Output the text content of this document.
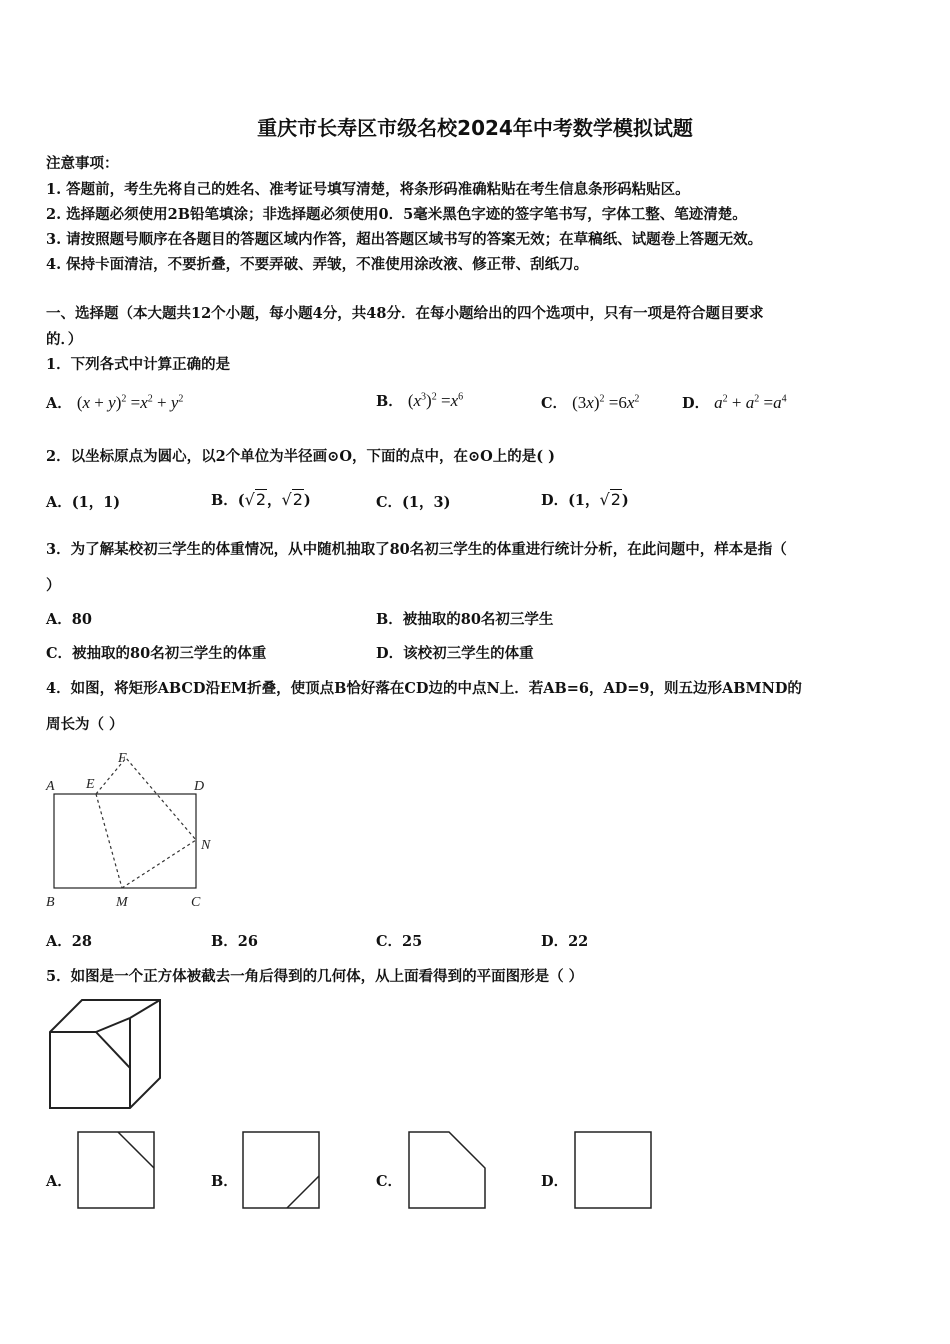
重庆市长寿区市级名校2024年中考数学模拟试题
注意事项：
1. 答题前，考生先将自己的姓名、准考证号填写清楚，将条形码准确粘贴在考生信息条形码粘贴区。
2. 选择题必须使用2B铅笔填涂；非选择题必须使用0．5毫米黑色字迹的签字笔书写，字体工整、笔迹清楚。
3. 请按照题号顺序在各题目的答题区域内作答，超出答题区域书写的答案无效；在草稿纸、试题卷上答题无效。
4. 保持卡面清洁，不要折叠，不要弄破、弄皱，不准使用涂改液、修正带、刮纸刀。
一、选择题（本大题共12个小题，每小题4分，共48分．在每小题给出的四个选项中，只有一项是符合题目要求
的．）
1．下列各式中计算正确的是
A． $(x + y)^2 =x^2 + y^2$	B． $(x^3)^2 =x^6$	C． $(3x)^2 =6x^2$	D． $a^2 + a^2 =a^4$
2．以坐标原点为圆心，以2个单位为半径画⊙O，下面的点中，在⊙O上的是( )
A．(1，1)	B．(√2，√2)	C．(1，3)	D．(1，√2)
3．为了解某校初三学生的体重情况，从中随机抽取了80名初三学生的体重进行统计分析，在此问题中，样本是指（
）
A．80	B．被抽取的80名初三学生
C．被抽取的80名初三学生的体重	D．该校初三学生的体重
4．如图，将矩形ABCD沿EM折叠，使顶点B恰好落在CD边的中点N上．若AB=6，AD=9，则五边形ABMND的
周长为（ ）
A E
F
D
N
B	M	C
A．28	B．26	C．25	D．22
5．如图是一个正方体被截去一角后得到的几何体，从上面看得到的平面图形是（ ）
A．	B．	C．	D．
